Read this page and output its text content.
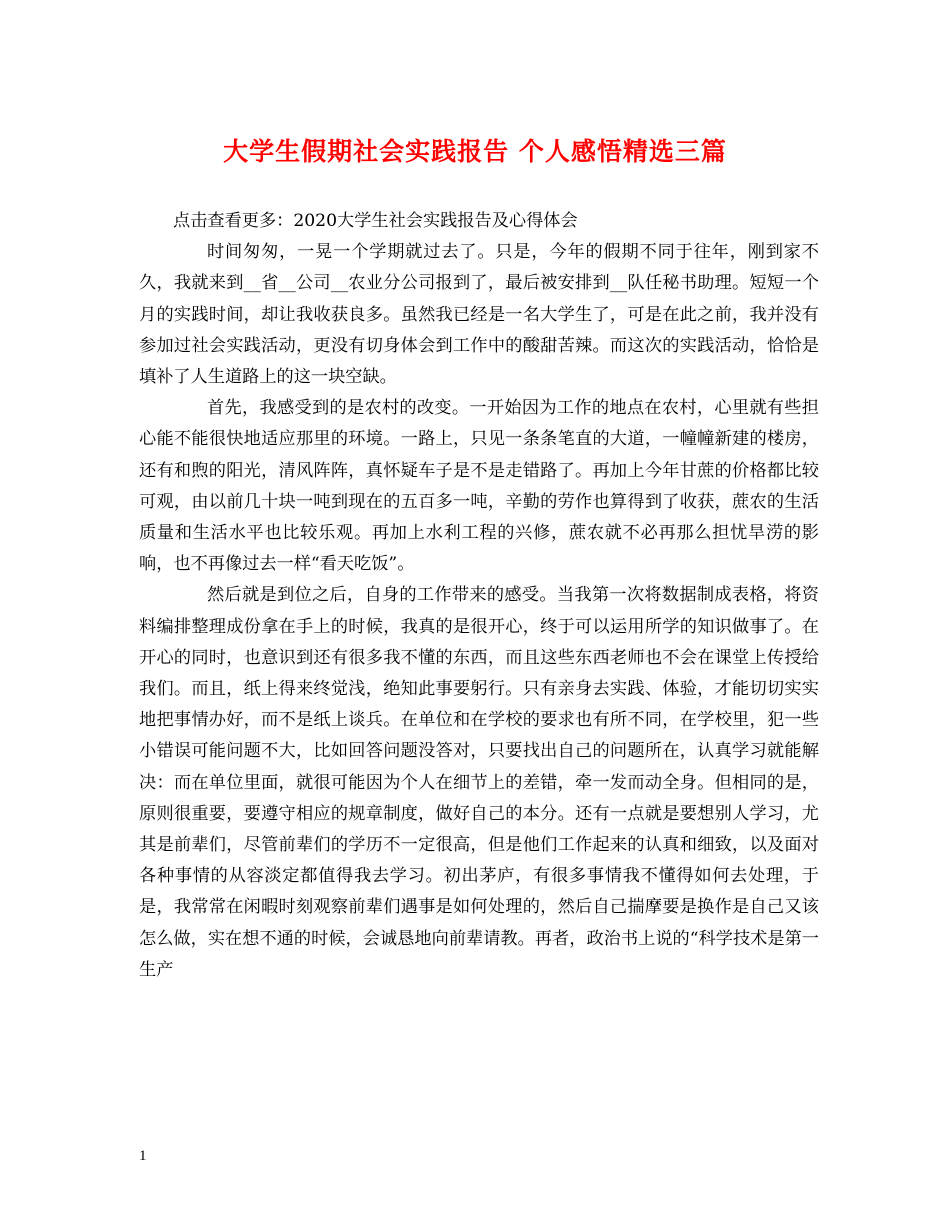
大学生假期社会实践报告 个人感悟精选三篇
点击查看更多：2020大学生社会实践报告及心得体会

时间匆匆，一晃一个学期就过去了。只是，今年的假期不同于往年，刚到家不久，我就来到__省__公司__农业分公司报到了，最后被安排到__队任秘书助理。短短一个月的实践时间，却让我收获良多。虽然我已经是一名大学生了，可是在此之前，我并没有参加过社会实践活动，更没有切身体会到工作中的酸甜苦辣。而这次的实践活动，恰恰是填补了人生道路上的这一块空缺。

首先，我感受到的是农村的改变。一开始因为工作的地点在农村，心里就有些担心能不能很快地适应那里的环境。一路上，只见一条条笔直的大道，一幢幢新建的楼房，还有和煦的阳光，清风阵阵，真怀疑车子是不是走错路了。再加上今年甘蔗的价格都比较可观，由以前几十块一吨到现在的五百多一吨，辛勤的劳作也算得到了收获，蔗农的生活质量和生活水平也比较乐观。再加上水利工程的兴修，蔗农就不必再那么担忧旱涝的影响，也不再像过去一样“看天吃饭”。

然后就是到位之后，自身的工作带来的感受。当我第一次将数据制成表格，将资料编排整理成份拿在手上的时候，我真的是很开心，终于可以运用所学的知识做事了。在开心的同时，也意识到还有很多我不懂的东西，而且这些东西老师也不会在课堂上传授给我们。而且，纸上得来终觉浅，绝知此事要躬行。只有亲身去实践、体验，才能切切实实地把事情办好，而不是纸上谈兵。在单位和在学校的要求也有所不同，在学校里，犯一些小错误可能问题不大，比如回答问题没答对，只要找出自己的问题所在，认真学习就能解决：而在单位里面，就很可能因为个人在细节上的差错，牵一发而动全身。但相同的是，原则很重要，要遵守相应的规章制度，做好自己的本分。还有一点就是要想别人学习，尤其是前辈们，尽管前辈们的学历不一定很高，但是他们工作起来的认真和细致，以及面对各种事情的从容淡定都值得我去学习。初出茅庐，有很多事情我不懂得如何去处理，于是，我常常在闲暇时刻观察前辈们遇事是如何处理的，然后自己揣摩要是换作是自己又该怎么做，实在想不通的时候，会诚恳地向前辈请教。再者，政治书上说的“科学技术是第一生产

1
